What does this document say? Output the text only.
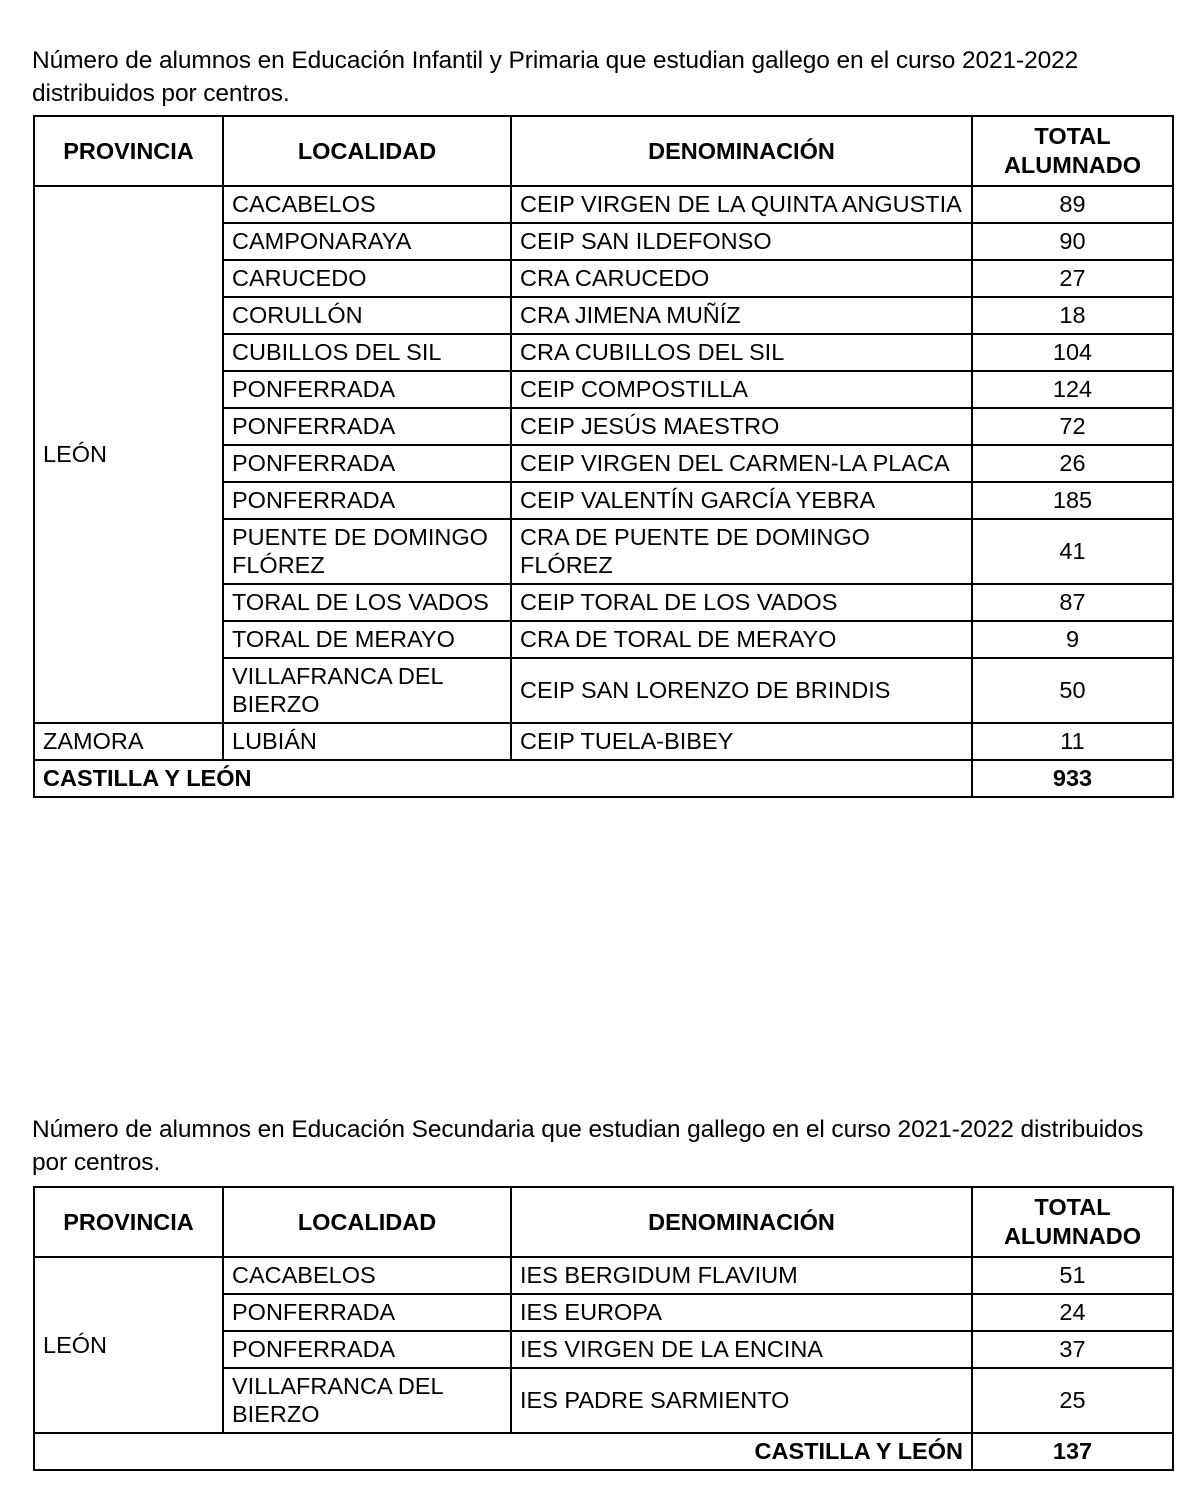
Número de alumnos en Educación Infantil y Primaria que estudian gallego en el curso 2021-2022 distribuidos por centros.

PROVINCIA	LOCALIDAD	DENOMINACIÓN	TOTAL
ALUMNADO
LEÓN	CACABELOS	CEIP VIRGEN DE LA QUINTA ANGUSTIA	89
	CAMPONARAYA	CEIP SAN ILDEFONSO	90
	CARUCEDO	CRA CARUCEDO	27
	CORULLÓN	CRA JIMENA MUÑÍZ	18
	CUBILLOS DEL SIL	CRA CUBILLOS DEL SIL	104
	PONFERRADA	CEIP COMPOSTILLA	124
	PONFERRADA	CEIP JESÚS MAESTRO	72
	PONFERRADA	CEIP VIRGEN DEL CARMEN-LA PLACA	26
	PONFERRADA	CEIP VALENTÍN GARCÍA YEBRA	185
	PUENTE DE DOMINGO FLÓREZ	CRA DE PUENTE DE DOMINGO FLÓREZ	41
	TORAL DE LOS VADOS	CEIP TORAL DE LOS VADOS	87
	TORAL DE MERAYO	CRA DE TORAL DE MERAYO	9
	VILLAFRANCA DEL BIERZO	CEIP SAN LORENZO DE BRINDIS	50
ZAMORA	LUBIÁN	CEIP TUELA-BIBEY	11
CASTILLA Y LEÓN			933

Número de alumnos en Educación Secundaria que estudian gallego en el curso 2021-2022 distribuidos por centros.

PROVINCIA	LOCALIDAD	DENOMINACIÓN	TOTAL
ALUMNADO
LEÓN	CACABELOS	IES BERGIDUM FLAVIUM	51
	PONFERRADA	IES EUROPA	24
	PONFERRADA	IES VIRGEN DE LA ENCINA	37
	VILLAFRANCA DEL BIERZO	IES PADRE SARMIENTO	25
CASTILLA Y LEÓN			137
